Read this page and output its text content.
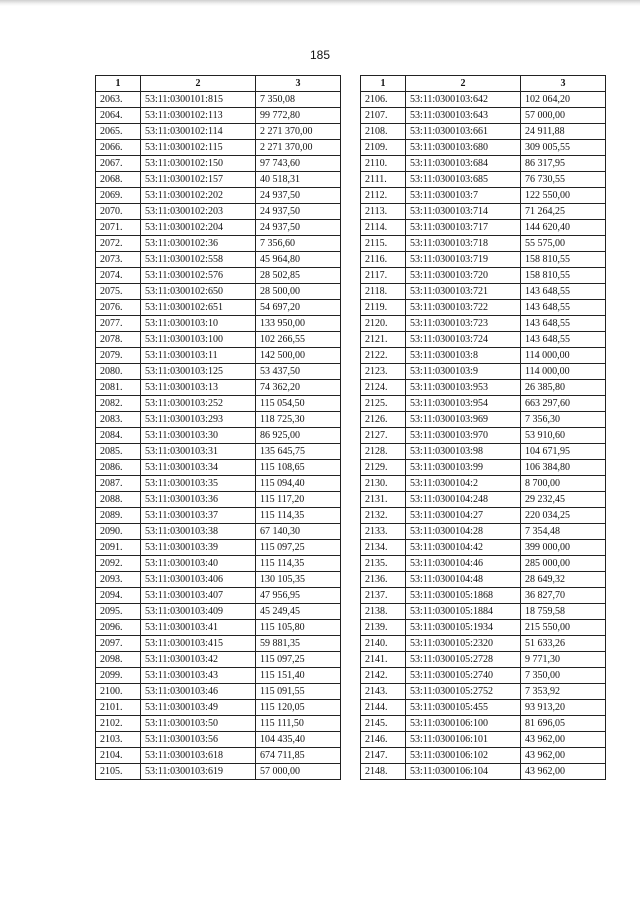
185
1	2	3
2063.	53:11:0300101:815	7 350,08
2064.	53:11:0300102:113	99 772,80
2065.	53:11:0300102:114	2 271 370,00
2066.	53:11:0300102:115	2 271 370,00
2067.	53:11:0300102:150	97 743,60
2068.	53:11:0300102:157	40 518,31
2069.	53:11:0300102:202	24 937,50
2070.	53:11:0300102:203	24 937,50
2071.	53:11:0300102:204	24 937,50
2072.	53:11:0300102:36	7 356,60
2073.	53:11:0300102:558	45 964,80
2074.	53:11:0300102:576	28 502,85
2075.	53:11:0300102:650	28 500,00
2076.	53:11:0300102:651	54 697,20
2077.	53:11:0300103:10	133 950,00
2078.	53:11:0300103:100	102 266,55
2079.	53:11:0300103:11	142 500,00
2080.	53:11:0300103:125	53 437,50
2081.	53:11:0300103:13	74 362,20
2082.	53:11:0300103:252	115 054,50
2083.	53:11:0300103:293	118 725,30
2084.	53:11:0300103:30	86 925,00
2085.	53:11:0300103:31	135 645,75
2086.	53:11:0300103:34	115 108,65
2087.	53:11:0300103:35	115 094,40
2088.	53:11:0300103:36	115 117,20
2089.	53:11:0300103:37	115 114,35
2090.	53:11:0300103:38	67 140,30
2091.	53:11:0300103:39	115 097,25
2092.	53:11:0300103:40	115 114,35
2093.	53:11:0300103:406	130 105,35
2094.	53:11:0300103:407	47 956,95
2095.	53:11:0300103:409	45 249,45
2096.	53:11:0300103:41	115 105,80
2097.	53:11:0300103:415	59 881,35
2098.	53:11:0300103:42	115 097,25
2099.	53:11:0300103:43	115 151,40
2100.	53:11:0300103:46	115 091,55
2101.	53:11:0300103:49	115 120,05
2102.	53:11:0300103:50	115 111,50
2103.	53:11:0300103:56	104 435,40
2104.	53:11:0300103:618	674 711,85
2105.	53:11:0300103:619	57 000,00
1	2	3
2106.	53:11:0300103:642	102 064,20
2107.	53:11:0300103:643	57 000,00
2108.	53:11:0300103:661	24 911,88
2109.	53:11:0300103:680	309 005,55
2110.	53:11:0300103:684	86 317,95
2111.	53:11:0300103:685	76 730,55
2112.	53:11:0300103:7	122 550,00
2113.	53:11:0300103:714	71 264,25
2114.	53:11:0300103:717	144 620,40
2115.	53:11:0300103:718	55 575,00
2116.	53:11:0300103:719	158 810,55
2117.	53:11:0300103:720	158 810,55
2118.	53:11:0300103:721	143 648,55
2119.	53:11:0300103:722	143 648,55
2120.	53:11:0300103:723	143 648,55
2121.	53:11:0300103:724	143 648,55
2122.	53:11:0300103:8	114 000,00
2123.	53:11:0300103:9	114 000,00
2124.	53:11:0300103:953	26 385,80
2125.	53:11:0300103:954	663 297,60
2126.	53:11:0300103:969	7 356,30
2127.	53:11:0300103:970	53 910,60
2128.	53:11:0300103:98	104 671,95
2129.	53:11:0300103:99	106 384,80
2130.	53:11:0300104:2	8 700,00
2131.	53:11:0300104:248	29 232,45
2132.	53:11:0300104:27	220 034,25
2133.	53:11:0300104:28	7 354,48
2134.	53:11:0300104:42	399 000,00
2135.	53:11:0300104:46	285 000,00
2136.	53:11:0300104:48	28 649,32
2137.	53:11:0300105:1868	36 827,70
2138.	53:11:0300105:1884	18 759,58
2139.	53:11:0300105:1934	215 550,00
2140.	53:11:0300105:2320	51 633,26
2141.	53:11:0300105:2728	9 771,30
2142.	53:11:0300105:2740	7 350,00
2143.	53:11:0300105:2752	7 353,92
2144.	53:11:0300105:455	93 913,20
2145.	53:11:0300106:100	81 696,05
2146.	53:11:0300106:101	43 962,00
2147.	53:11:0300106:102	43 962,00
2148.	53:11:0300106:104	43 962,00
